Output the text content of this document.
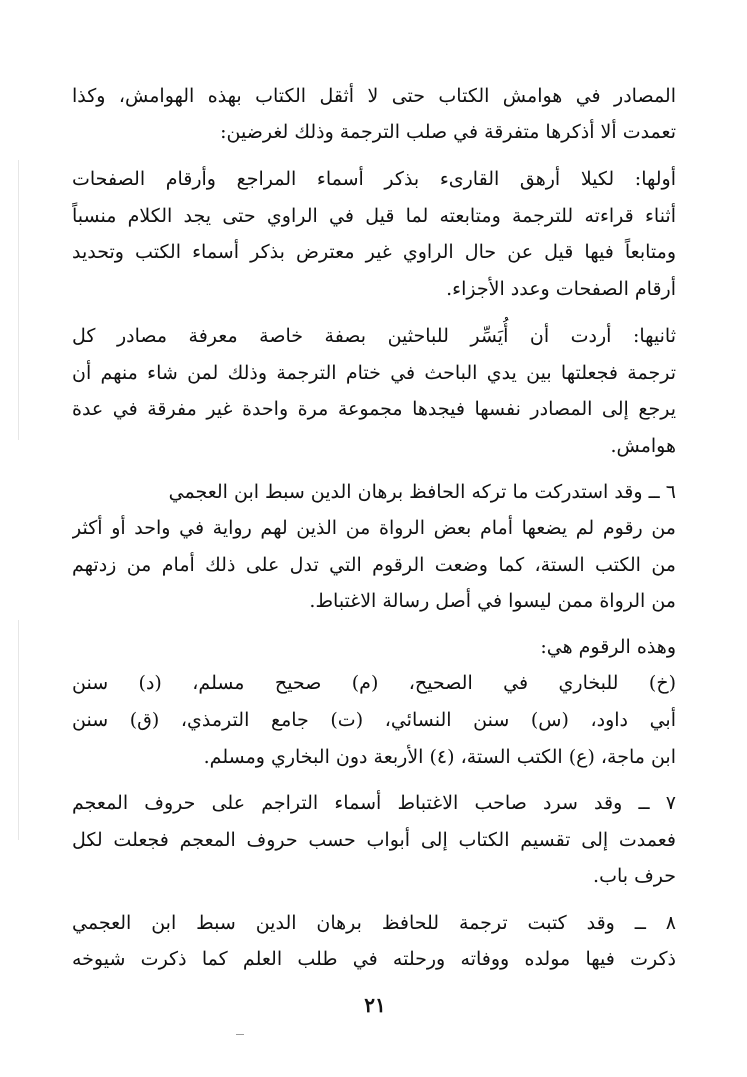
المصادر في هوامش الكتاب حتى لا أثقل الكتاب بهذه الهوامش، وكذا
تعمدت ألا أذكرها متفرقة في صلب الترجمة وذلك لغرضين:
أولها: لكيلا أرهق القارىء بذكر أسماء المراجع وأرقام الصفحات
أثناء قراءته للترجمة ومتابعته لما قيل في الراوي حتى يجد الكلام منسباً
ومتابعاً فيها قيل عن حال الراوي غير معترض بذكر أسماء الكتب وتحديد
أرقام الصفحات وعدد الأجزاء.
ثانيها: أردت أن أُيَسِّر للباحثين بصفة خاصة معرفة مصادر كل
ترجمة فجعلتها بين يدي الباحث في ختام الترجمة وذلك لمن شاء منهم أن
يرجع إلى المصادر نفسها فيجدها مجموعة مرة واحدة غير مفرقة في عدة
هوامش.
٦ ــ وقد استدركت ما تركه الحافظ برهان الدين سبط ابن العجمي
من رقوم لم يضعها أمام بعض الرواة من الذين لهم رواية في واحد أو أكثر
من الكتب الستة، كما وضعت الرقوم التي تدل على ذلك أمام من زدتهم
من الرواة ممن ليسوا في أصل رسالة الاغتباط.
وهذه الرقوم هي:
(خ) للبخاري في الصحيح، (م) صحيح مسلم، (د) سنن
أبي داود، (س) سنن النسائي، (ت) جامع الترمذي، (ق) سنن
ابن ماجة، (ع) الكتب الستة، (٤) الأربعة دون البخاري ومسلم.
٧ ــ وقد سرد صاحب الاغتباط أسماء التراجم على حروف المعجم
فعمدت إلى تقسيم الكتاب إلى أبواب حسب حروف المعجم فجعلت لكل
حرف باب.
٨ ــ وقد كتبت ترجمة للحافظ برهان الدين سبط ابن العجمي
ذكرت فيها مولده ووفاته ورحلته في طلب العلم كما ذكرت شيوخه
٢١
